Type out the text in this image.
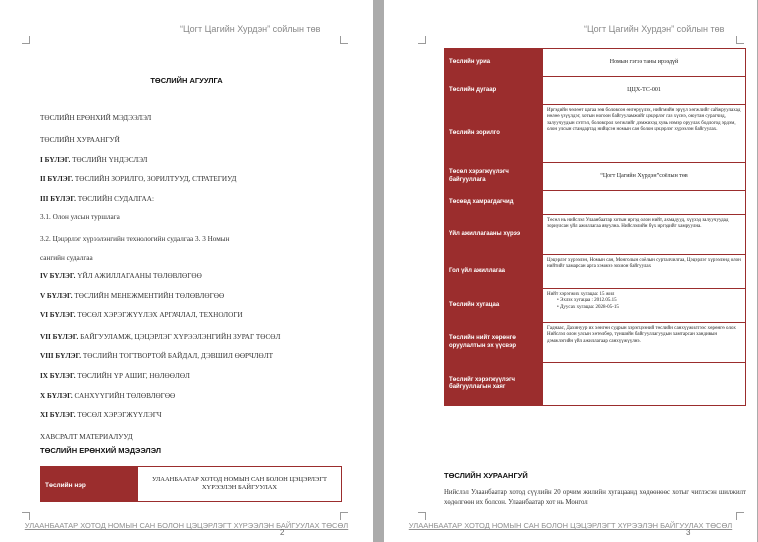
“Цогт Цагийн Хурдэн” сойлын төв
ТӨСЛИЙН АГУУЛГА
ТӨСЛИЙН ЕРӨНХИЙ МЭДЭЭЛЭЛ
ТӨСЛИЙН ХУРААНГУЙ
I БҮЛЭГ. ТӨСЛИЙН ҮНДЭСЛЭЛ
II БҮЛЭГ. ТӨСЛИЙН ЗОРИЛГО, ЗОРИЛТУУД, СТРАТЕГИУД
III БҮЛЭГ. ТӨСЛИЙН СУДАЛГАА:
3.1. Олон улсын туршлага
3.2. Цэцэрлэг хүрээлэнгийн технологийн судалгаа 3. 3 Номын
сангийн судалгаа
IV БҮЛЭГ. ҮЙЛ АЖИЛЛАГААНЫ ТӨЛӨВЛӨГӨӨ
V БҮЛЭГ. ТӨСЛИЙН МЕНЕЖМЕНТИЙН ТӨЛӨВЛӨГӨӨ
VI БҮЛЭГ. ТӨСӨЛ ХЭРЭГЖҮҮЛЭХ АРГАЧЛАЛ, ТЕХНОЛОГИ
VII БҮЛЭГ. БАЙГУУЛАМЖ, ЦЭЦЭРЛЭГ ХҮРЭЭЛЭНГИЙН ЗУРАГ ТӨСӨЛ
VIII БҮЛЭГ. ТӨСЛИЙН ТОГТВОРТОЙ БАЙДАЛ, ДЭВШИЛ ӨӨРЧЛӨЛТ
IX БҮЛЭГ. ТӨСЛИЙН ҮР АШИГ, НӨЛӨӨЛӨЛ
X БҮЛЭГ. САНХҮҮГИЙН ТӨЛӨВЛӨГӨӨ
XI БҮЛЭГ. ТӨСӨЛ ХЭРЭГЖҮҮЛЭГЧ
ХАВСРАЛТ МАТЕРИАЛУУД
ТӨСЛИЙН ЕРӨНХИЙ МЭДЭЭЛЭЛ
Төслийн нэр
УЛААНБААТАР ХОТОД НОМЫН САН БОЛОН ЦЭЦЭРЛЭГТ ХҮРЭЭЛЭН БАЙГУУЛАХ
УЛААНБААТАР ХОТОД НОМЫН САН БОЛОН ЦЭЦЭРЛЭГТ ХҮРЭЭЛЭН БАЙГУУЛАХ ТӨСӨЛ
2
“Цогт Цагийн Хурдэн” сойлын төв
Төслийн уриа	Номын гэгээ таны ирээдүй
Төслийн дугаар	ЦЦХ-ТС-001
Төслийн зорилго
Иргэдийн чөлөөт цагаа зөв боловсон өнгөрүүлэх, нийгмийн эрүүл хөгжлийг сайжруулахад нөлөө үзүүлдэг, хотын ногоон байгууламжийг цэцэрлэг газ хүснэ, оюутан сурагчид, залуучуудын сэтгэл, боловсрол хөгжлийг дэмжихэд хувь нэмэр оруулах бодлогод эрдэм, олон улсын стандартад нийцсэн номын сан болон цэцэрлэг хүрээлэн байгуулах.
Төсөл хэрэгжүүлэгч байгууллага
“Цогт Цагийн Хүрдэн”соёлын төв
Төсөвд хамрагдагчид
Үйл ажиллагааны хүрээ
Төсөл нь нийслэл Улаанбаатар хотын иргэд олон нийт, ахмадууд, хүүхэд залуучуудад зориулсан үйл ажиллагаа явуулна. Нийслэлийн бүх иргэдийг хамруулна.
Гол үйл ажиллагаа
Цэцэрлэг хүрээлэн, Номын сан, Монголын соёлын сурталчилгаа, Цэцэрлэг хүрээлэнд олон нийтийг хамарсан арга хэмжээ зохион байгуулах
Төслийн хугацаа
Нийт хэрэгжих хугацаа: 15 жил
• Эхлэх хугацаа : 2012.05.15
• Дуусах хугацаа: 2028-05-15
Төслийн нийт хөрөнгө оруулалтын эх үүсвэр
Гаднаас, Дахинуур их хөнгөн судрын хэрэгцээний төслийн санхүүжилтээс хөрөнгө олох Нийслэл олон улсын хөтөлбөр, түншийн байгууллагуудын хамтарсан хандивын дэмжлэгийн үйл ажиллагаар санхүүжүүлнэ.
Төслийг хэрэгжүүлэгч байгууллагын хаяг
ТӨСЛИЙН ХУРААНГУЙ
Нийслэл Улаанбаатар хотод сүүлийн 20 орчим жилийн хугацаанд хөдөөнөөс хотыг чиглэсэн шилжилт хөдөлгөөн их болсон. Улаанбаатар хот нь Монгол
УЛААНБААТАР ХОТОД НОМЫН САН БОЛОН ЦЭЦЭРЛЭГТ ХҮРЭЭЛЭН БАЙГУУЛАХ ТӨСӨЛ
3
